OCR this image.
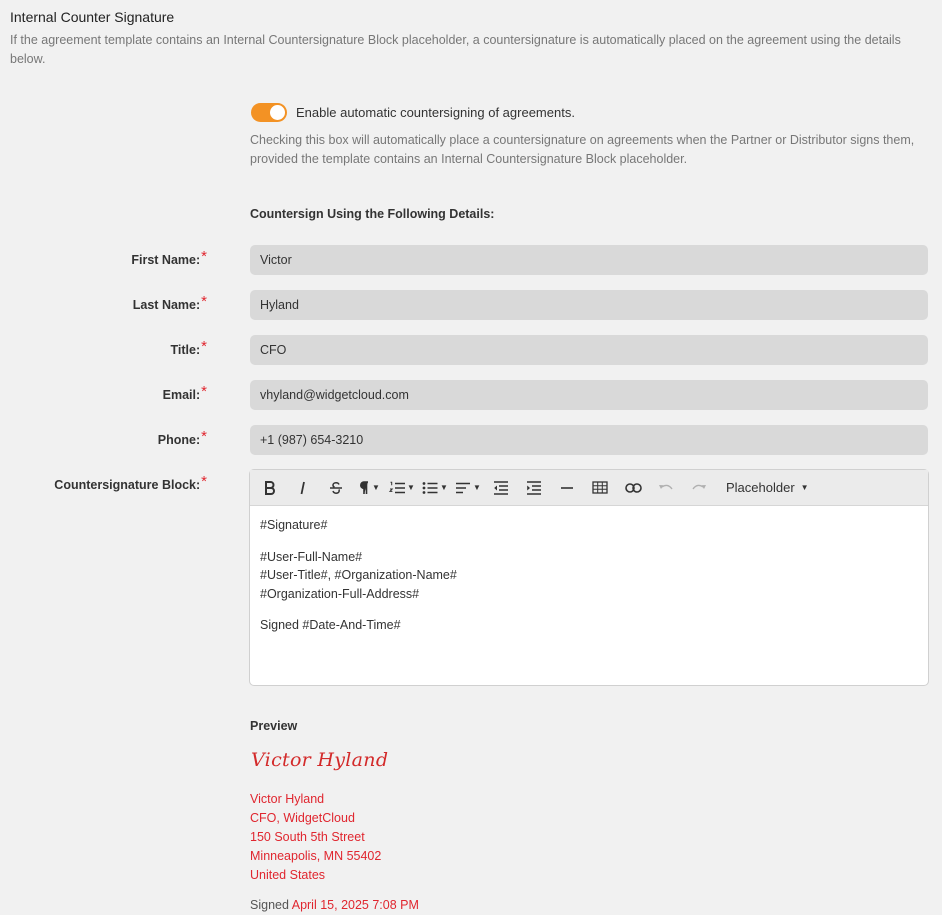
Internal Counter Signature
If the agreement template contains an Internal Countersignature Block placeholder, a countersignature is automatically placed on the agreement using the details below.
Enable automatic countersigning of agreements.
Checking this box will automatically place a countersignature on agreements when the Partner or Distributor signs them, provided the template contains an Internal Countersignature Block placeholder.
Countersign Using the Following Details:
First Name:*
Victor
Last Name:*
Hyland
Title:*
CFO
Email:*
vhyland@widgetcloud.com
Phone:*
+1 (987) 654-3210
Countersignature Block:*	▼	▼	▼	▼	Placeholder ▼

#Signature#

#User-Full-Name#
#User-Title#, #Organization-Name#
#Organization-Full-Address#

Signed #Date-And-Time#

Preview
Victor Hyland
Victor Hyland
CFO, WidgetCloud
150 South 5th Street
Minneapolis, MN 55402
United States
Signed April 15, 2025 7:08 PM
